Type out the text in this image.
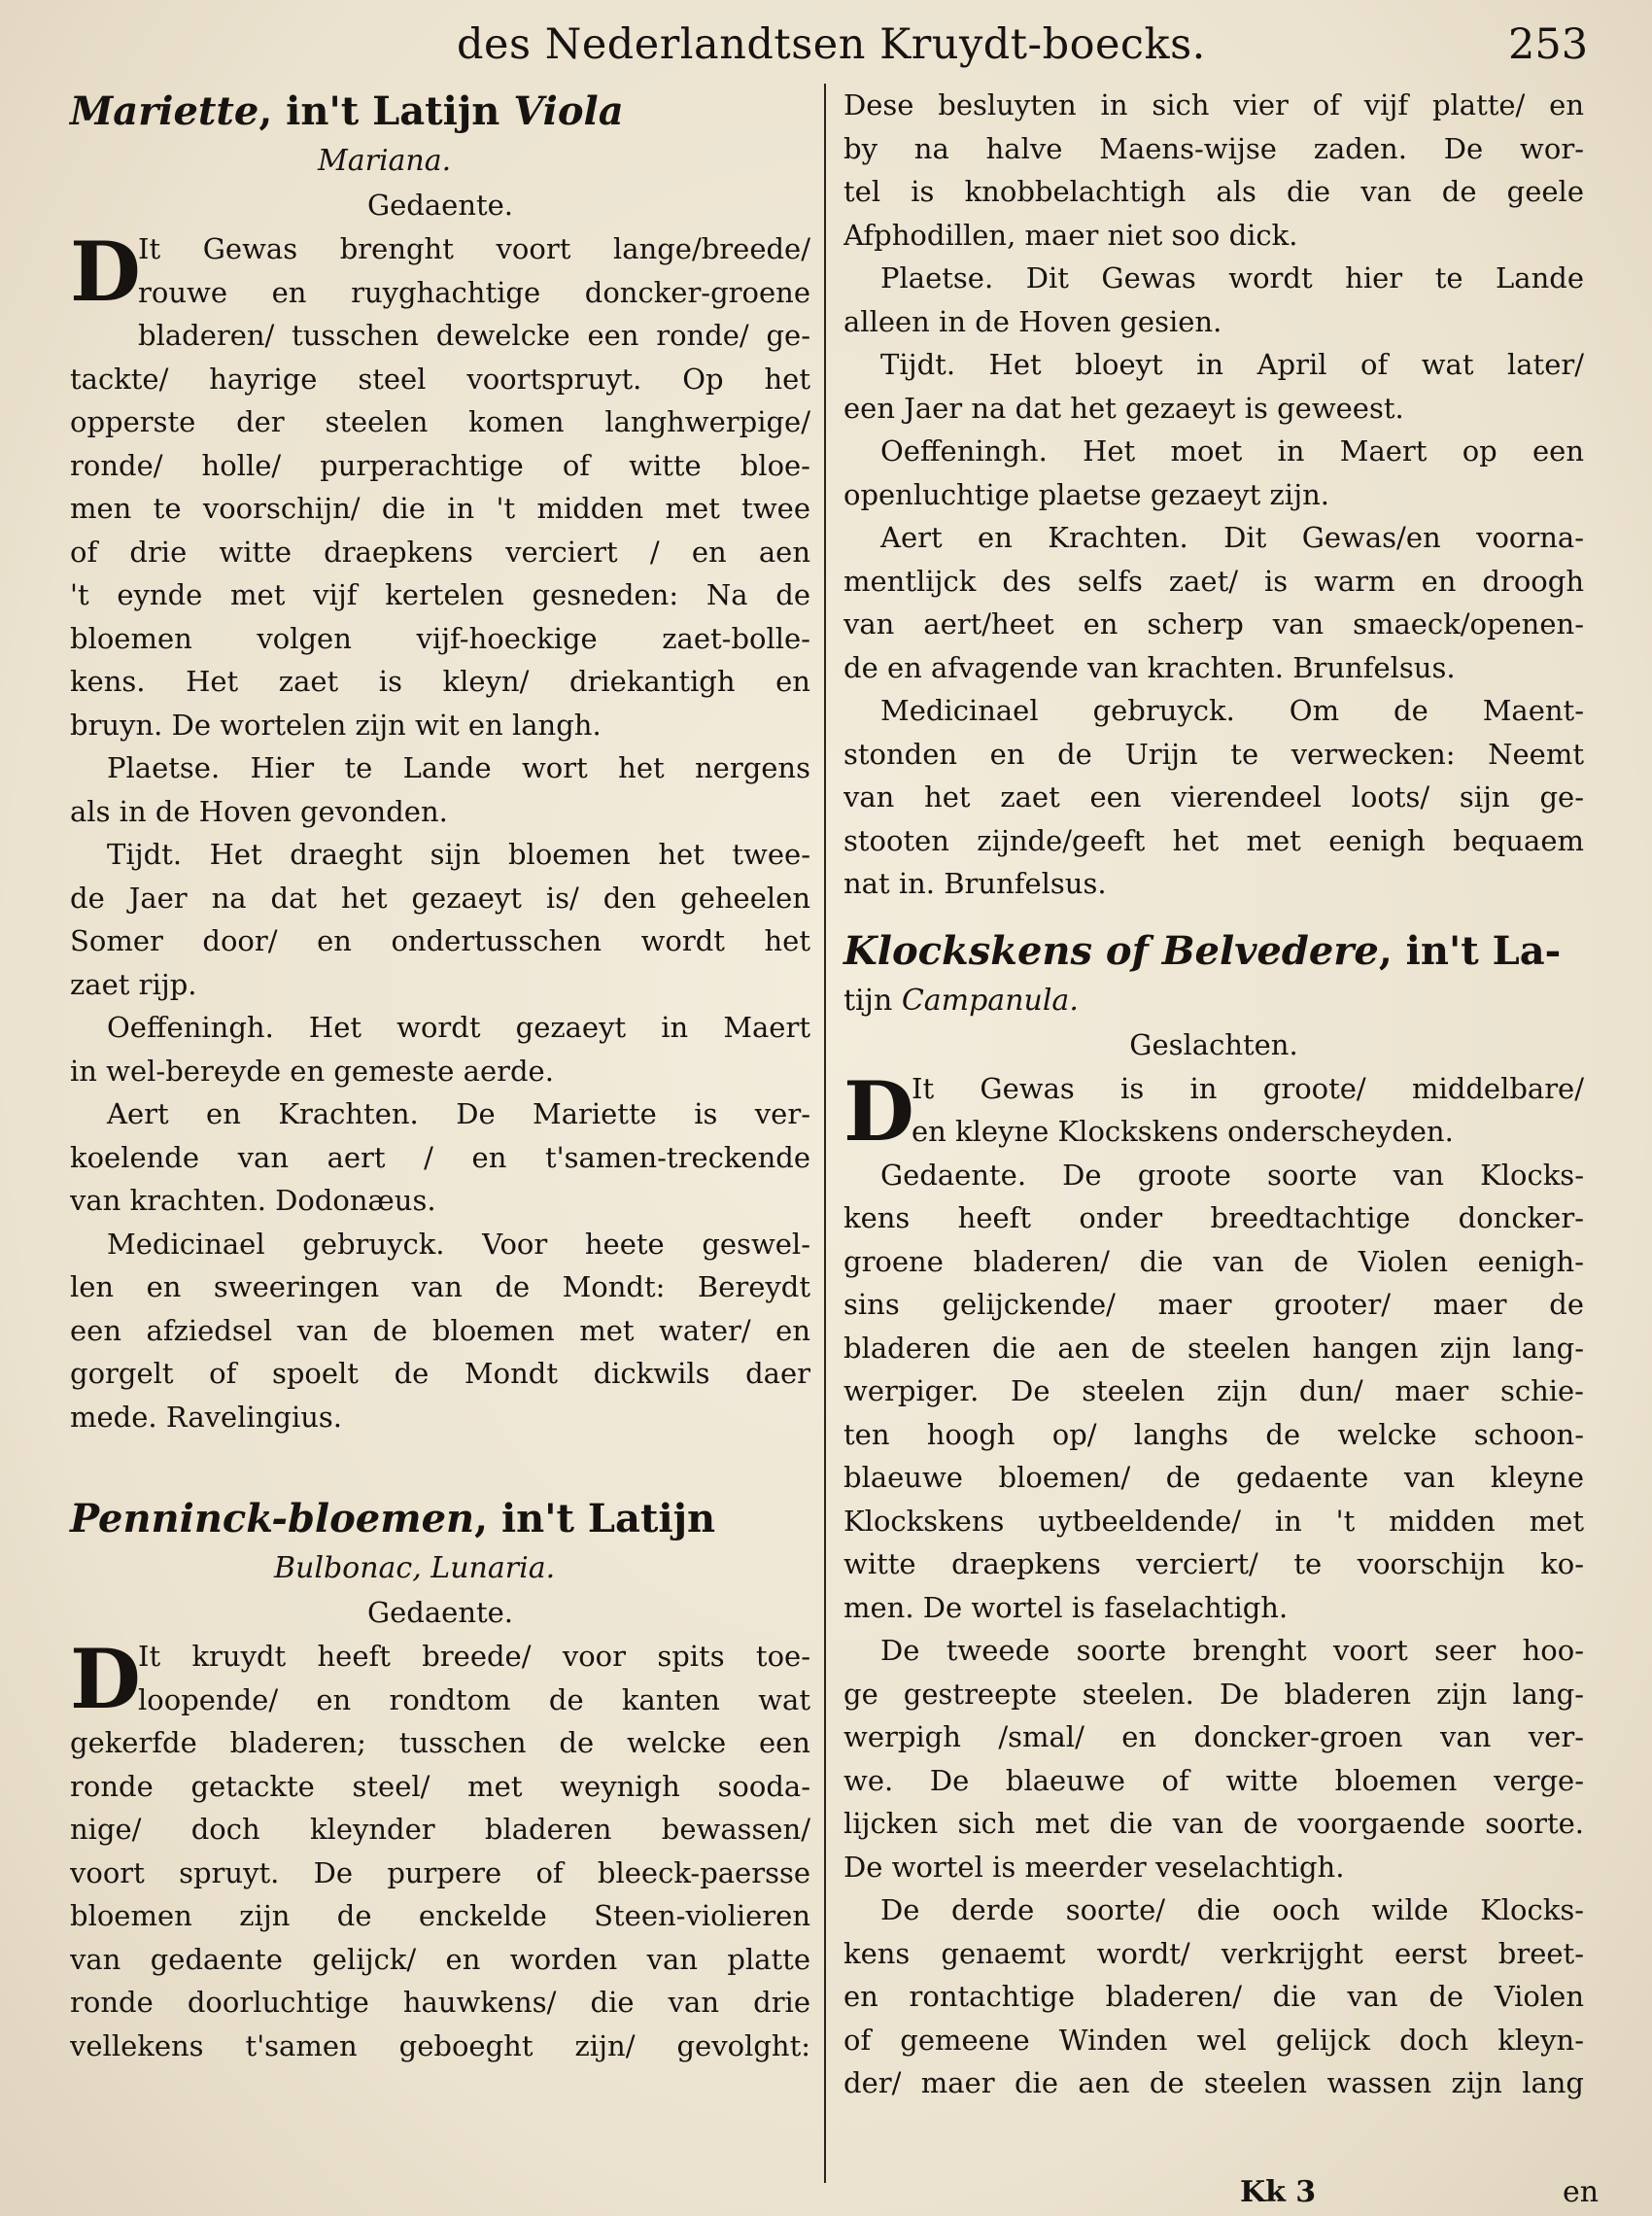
des Nederlandtsen Kruydt-boecks.	253
Mariette, in't Latijn Viola

Mariana.

Gedaente.

D
It Gewas brenght voort lange/breede/
rouwe en ruyghachtige doncker-groene
bladeren/ tusschen dewelcke een ronde/ ge-
tackte/ hayrige steel voortspruyt. Op het
opperste der steelen komen langhwerpige/
ronde/ holle/ purperachtige of witte bloe-
men te voorschijn/ die in 't midden met twee
of drie witte draepkens verciert / en aen
't eynde met vijf kertelen gesneden: Na de
bloemen volgen vijf-hoeckige zaet-bolle-
kens. Het zaet is kleyn/ driekantigh en
bruyn. De wortelen zijn wit en langh.
Plaetse. Hier te Lande wort het nergens
als in de Hoven gevonden.
Tijdt. Het draeght sijn bloemen het twee-
de Jaer na dat het gezaeyt is/ den geheelen
Somer door/ en ondertusschen wordt het
zaet rijp.
Oeffeningh. Het wordt gezaeyt in Maert
in wel-bereyde en gemeste aerde.
Aert en Krachten. De Mariette is ver-
koelende van aert / en t'samen-treckende
van krachten. Dodonæus.
Medicinael gebruyck. Voor heete geswel-
len en sweeringen van de Mondt: Bereydt
een afziedsel van de bloemen met water/ en
gorgelt of spoelt de Mondt dickwils daer
mede. Ravelingius.
Penninck-bloemen, in't Latijn

Bulbonac, Lunaria.

Gedaente.

D
It kruydt heeft breede/ voor spits toe-
loopende/ en rondtom de kanten wat
gekerfde bladeren; tusschen de welcke een
ronde getackte steel/ met weynigh sooda-
nige/ doch kleynder bladeren bewassen/
voort spruyt. De purpere of bleeck-paersse
bloemen zijn de enckelde Steen-violieren
van gedaente gelijck/ en worden van platte
ronde doorluchtige hauwkens/ die van drie
vellekens t'samen geboeght zijn/ gevolght:
Dese besluyten in sich vier of vijf platte/ en
by na halve Maens-wijse zaden. De wor-
tel is knobbelachtigh als die van de geele
Afphodillen, maer niet soo dick.
Plaetse. Dit Gewas wordt hier te Lande
alleen in de Hoven gesien.
Tijdt. Het bloeyt in April of wat later/
een Jaer na dat het gezaeyt is geweest.
Oeffeningh. Het moet in Maert op een
openluchtige plaetse gezaeyt zijn.
Aert en Krachten. Dit Gewas/en voorna-
mentlijck des selfs zaet/ is warm en droogh
van aert/heet en scherp van smaeck/openen-
de en afvagende van krachten. Brunfelsus.
Medicinael gebruyck. Om de Maent-
stonden en de Urijn te verwecken: Neemt
van het zaet een vierendeel loots/ sijn ge-
stooten zijnde/geeft het met eenigh bequaem
nat in. Brunfelsus.
Klockskens of Belvedere, in't La-

tijn Campanula.

Geslachten.

D
It Gewas is in groote/ middelbare/
en kleyne Klockskens onderscheyden.
Gedaente. De groote soorte van Klocks-
kens heeft onder breedtachtige doncker-
groene bladeren/ die van de Violen eenigh-
sins gelijckende/ maer grooter/ maer de
bladeren die aen de steelen hangen zijn lang-
werpiger. De steelen zijn dun/ maer schie-
ten hoogh op/ langhs de welcke schoon-
blaeuwe bloemen/ de gedaente van kleyne
Klockskens uytbeeldende/ in 't midden met
witte draepkens verciert/ te voorschijn ko-
men. De wortel is faselachtigh.
De tweede soorte brenght voort seer hoo-
ge gestreepte steelen. De bladeren zijn lang-
werpigh /smal/ en doncker-groen van ver-
we. De blaeuwe of witte bloemen verge-
lijcken sich met die van de voorgaende soorte.
De wortel is meerder veselachtigh.
De derde soorte/ die ooch wilde Klocks-
kens genaemt wordt/ verkrijght eerst breet-
en rontachtige bladeren/ die van de Violen
of gemeene Winden wel gelijck doch kleyn-
der/ maer die aen de steelen wassen zijn lang
Kk 3	en
